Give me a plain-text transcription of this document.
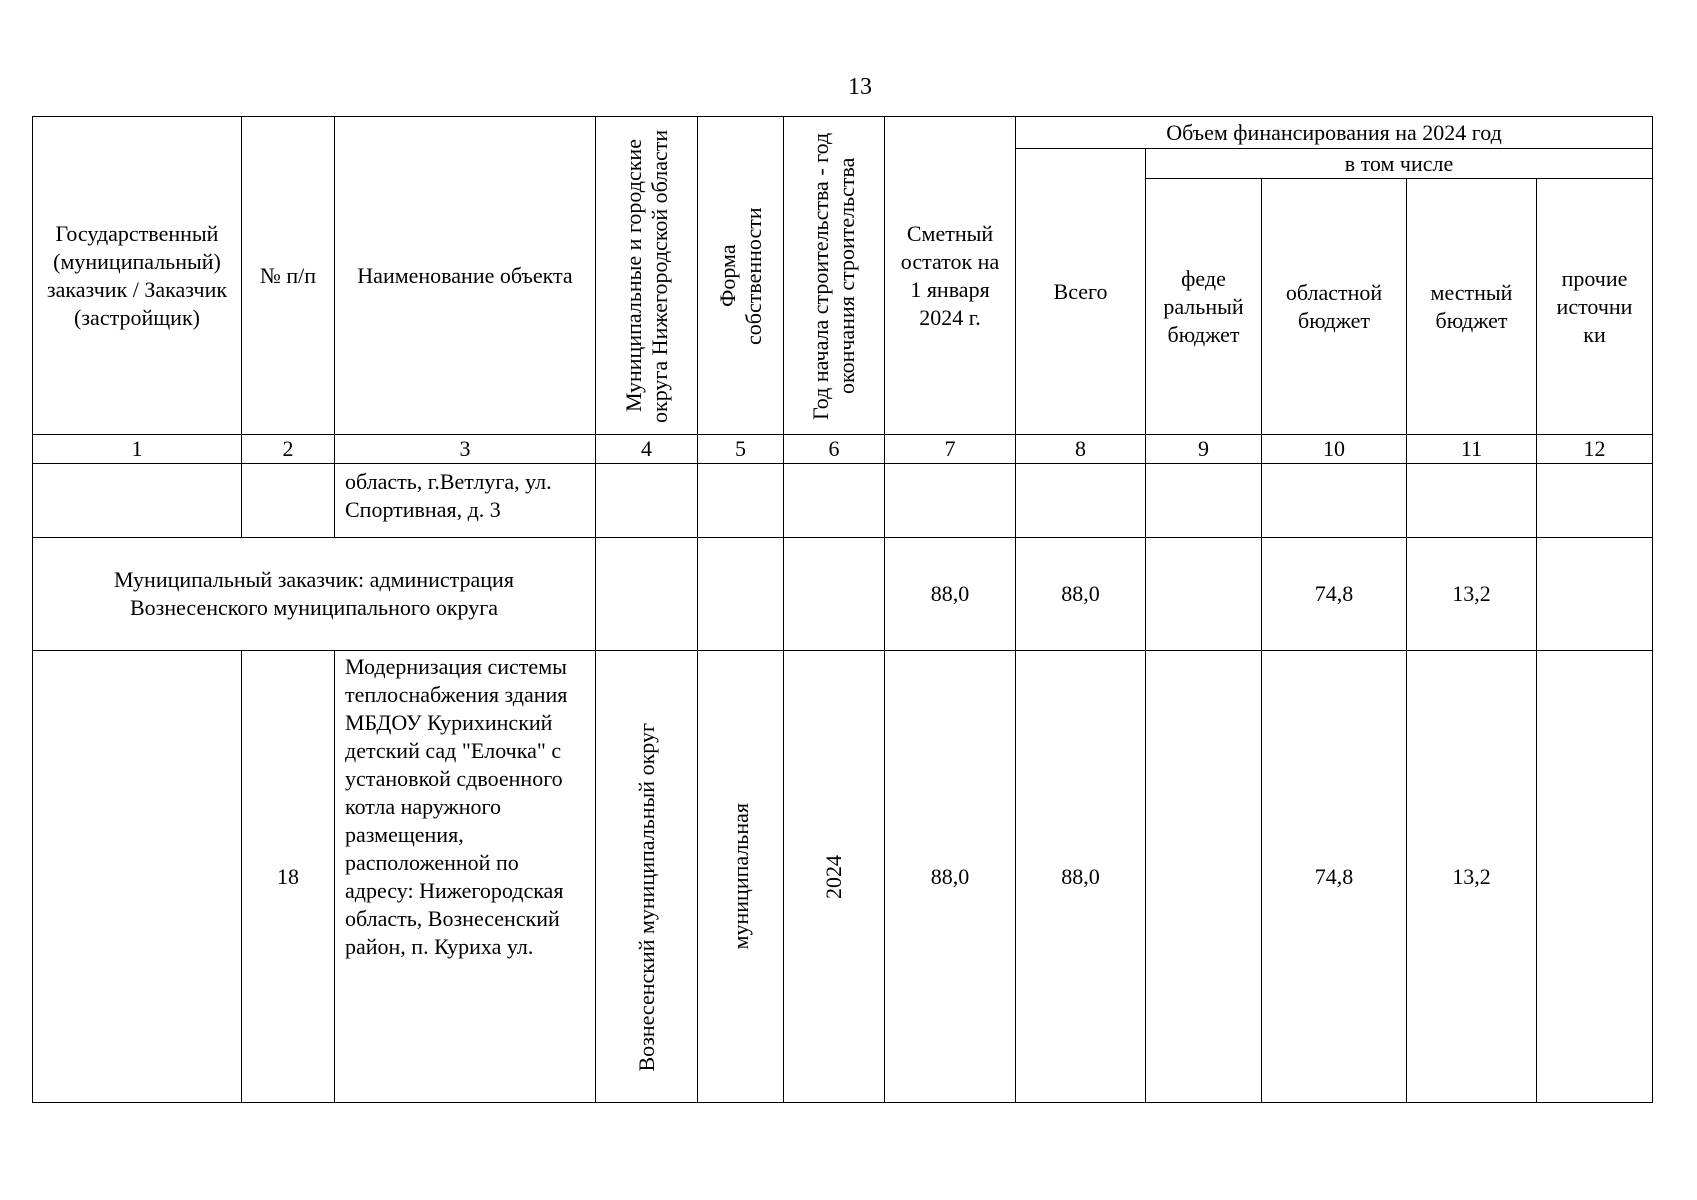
13
Государственный (муниципальный) заказчик / Заказчик (застройщик)	№ п/п	Наименование объекта	Муниципальные и городские округа Нижегородской области	Форма собственности	Год начала строительства - год окончания строительства	Сметный остаток на 1 января 2024 г.	Объем финансирования на 2024 год				
							Всего	в том числе			
								феде ральный бюджет	областной бюджет	местный бюджет	прочие источни ки
1	2	3	4	5	6	7	8	9	10	11	12
		область, г.Ветлуга, ул. Спортивная, д. 3									
Муниципальный заказчик: администрация Вознесенского муниципального округа						88,0	88,0		74,8	13,2	
	18	Модернизация системы теплоснабжения здания МБДОУ Курихинский детский сад "Елочка" с установкой сдвоенного котла наружного размещения, расположенной по адресу: Нижегородская область, Вознесенский район, п. Куриха ул.	Вознесенский муниципальный округ	муниципальная	2024	88,0	88,0		74,8	13,2	
